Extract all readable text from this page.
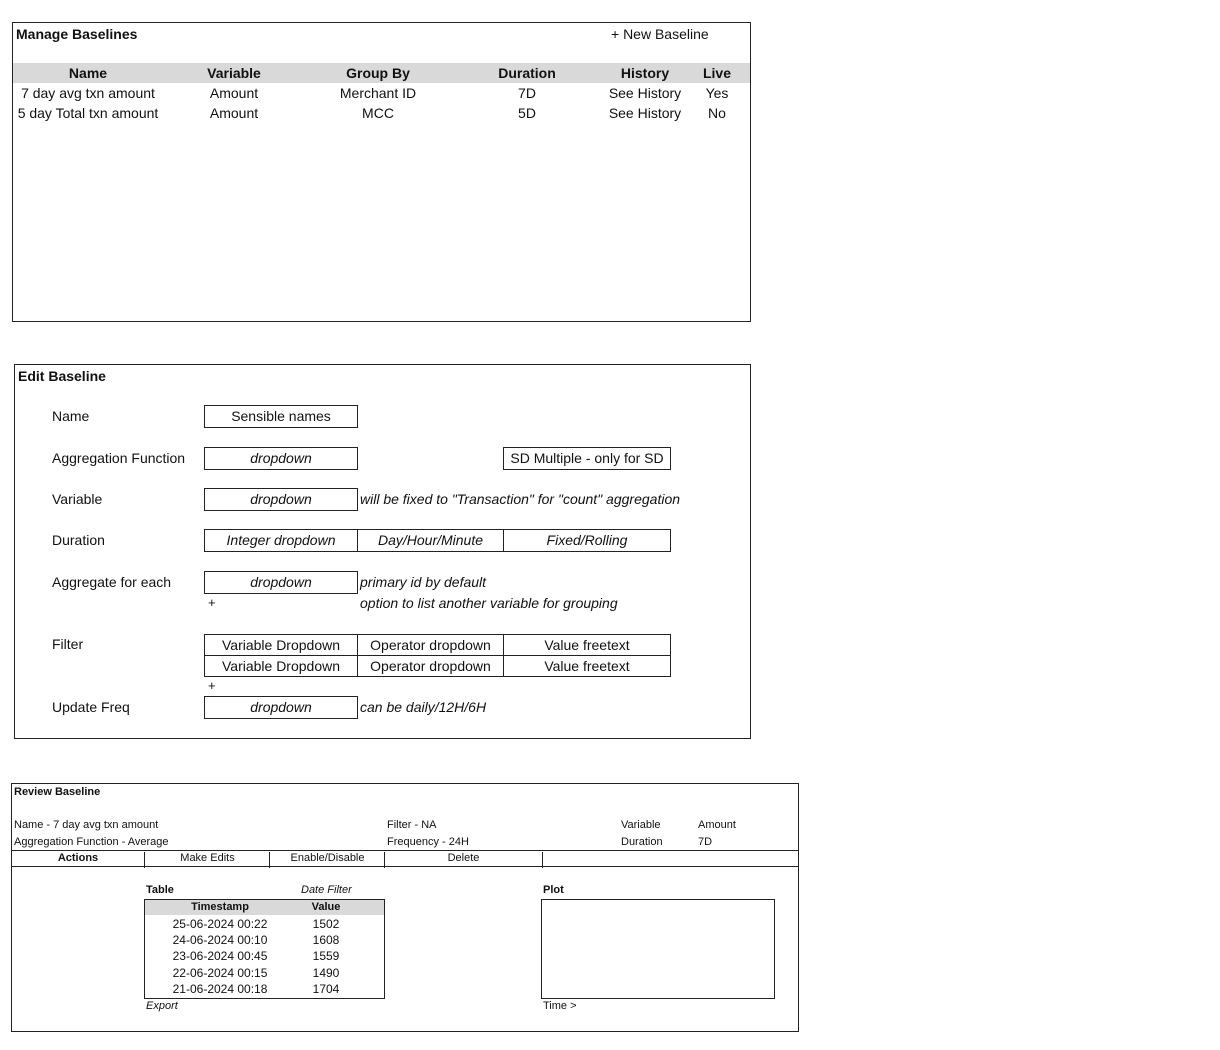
Manage Baselines	+ New Baseline
Name	Variable	Group By	Duration	History	Live
7 day avg txn amount	Amount	Merchant ID	7D	See History	Yes
5 day Total txn amount	Amount	MCC	5D	See History	No
Edit Baseline
Name	Sensible names
Aggregation Function	dropdown	SD Multiple - only for SD
Variable	dropdown	will be fixed to "Transaction" for "count" aggregation
Duration	Integer dropdown	Day/Hour/Minute	Fixed/Rolling
Aggregate for each	dropdown	primary id by default
+	option to list another variable for grouping
Filter	Variable Dropdown	Operator dropdown	Value freetext
Variable Dropdown	Operator dropdown	Value freetext
+
Update Freq	dropdown	can be daily/12H/6H
Review Baseline
Name - 7 day avg txn amount
Aggregation Function - Average
Filter - NA
Frequency - 24H
Variable	Amount
Duration	7D
Actions	Make Edits	Enable/Disable	Delete
Table	Date Filter
Timestamp	Value
25-06-2024 00:22	1502
24-06-2024 00:10	1608
23-06-2024 00:45	1559
22-06-2024 00:15	1490
21-06-2024 00:18	1704
Export
Plot
Time >
